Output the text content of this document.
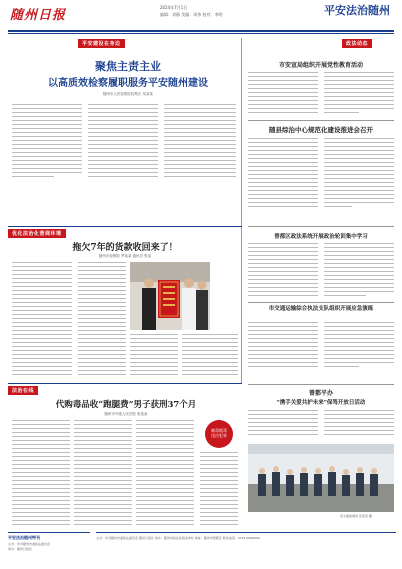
随州日报
2024年7月1日
编辑：刘静 美编：周伟 校对：李明	平安法治随州
平安建设在身边
聚焦主责主业
以高质效检察履职服务平安随州建设
随州市人民检察院检察长 吴某某
政法动态
市安宣局组织开展党性教育活动
随县综治中心规范化建设推进会召开
曾都区政法系统开展政治轮训集中学习
市交通运输综合执法支队组织开展应急演练
曾都平办
“携手关爱共护未来”保驾开放日活动
安全演练现场 张某某 摄
优化法治化营商环境
拖欠7年的货款收回来了！
随州市检察院 罗某某 通讯员 张某
法治在线
代购毒品收“跑腿费”男子获刑37个月
随州市中级人民法院 张某某
制毒贩毒
违法犯罪
平安法治随州特刊
主办：中共随州市委政法委员会
承办：随州日报社
主办：中共随州市委政法委员会 随州日报社 承办：随州市政法系统各单位 地址：随州市曾都区 联系电话：0722-0000000
